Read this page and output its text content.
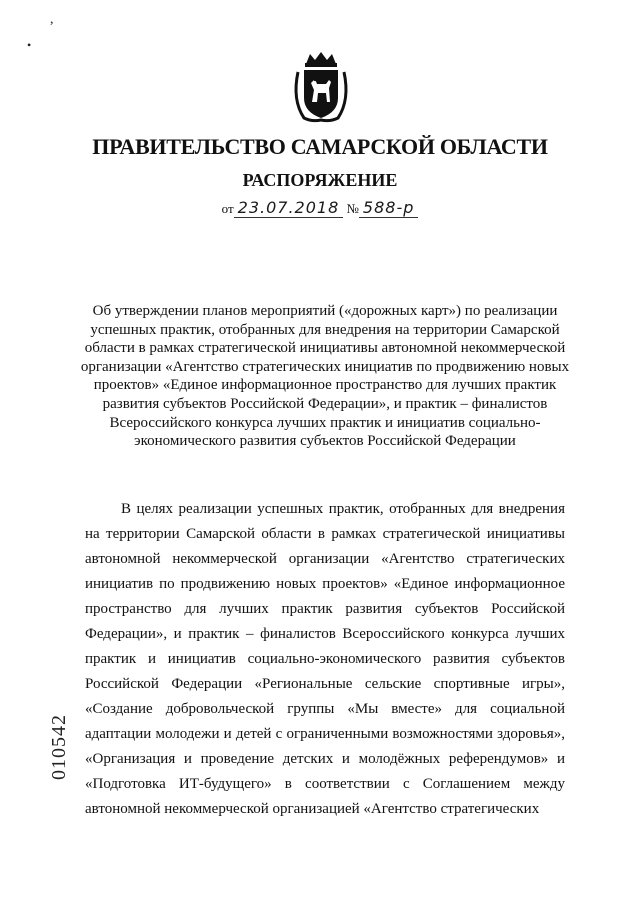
,
•
ПРАВИТЕЛЬСТВО САМАРСКОЙ ОБЛАСТИ
РАСПОРЯЖЕНИЕ
от 23.07.2018 № 588-р
Об утверждении планов мероприятий («дорожных карт») по реализации успешных практик, отобранных для внедрения на территории Самарской области в рамках стратегической инициативы автономной некоммерческой организации «Агентство стратегических инициатив по продвижению новых проектов» «Единое информационное пространство для лучших практик развития субъектов Российской Федерации», и практик – финалистов Всероссийского конкурса лучших практик и инициатив социально-экономического развития субъектов Российской Федерации

В целях реализации успешных практик, отобранных для внедрения на территории Самарской области в рамках стратегической инициативы автономной некоммерческой организации «Агентство стратегических инициатив по продвижению новых проектов» «Единое информационное пространство для лучших практик развития субъектов Российской Федерации», и практик – финалистов Всероссийского конкурса лучших практик и инициатив социально-экономического развития субъектов Российской Федерации «Региональные сельские спортивные игры», «Создание добровольческой группы «Мы вместе» для социальной адаптации молодежи и детей с ограниченными возможностями здоровья», «Организация и проведение детских и молодёжных референдумов» и «Подготовка ИТ-будущего» в соответствии с Соглашением между автономной некоммерческой организацией «Агентство стратегических

010542
